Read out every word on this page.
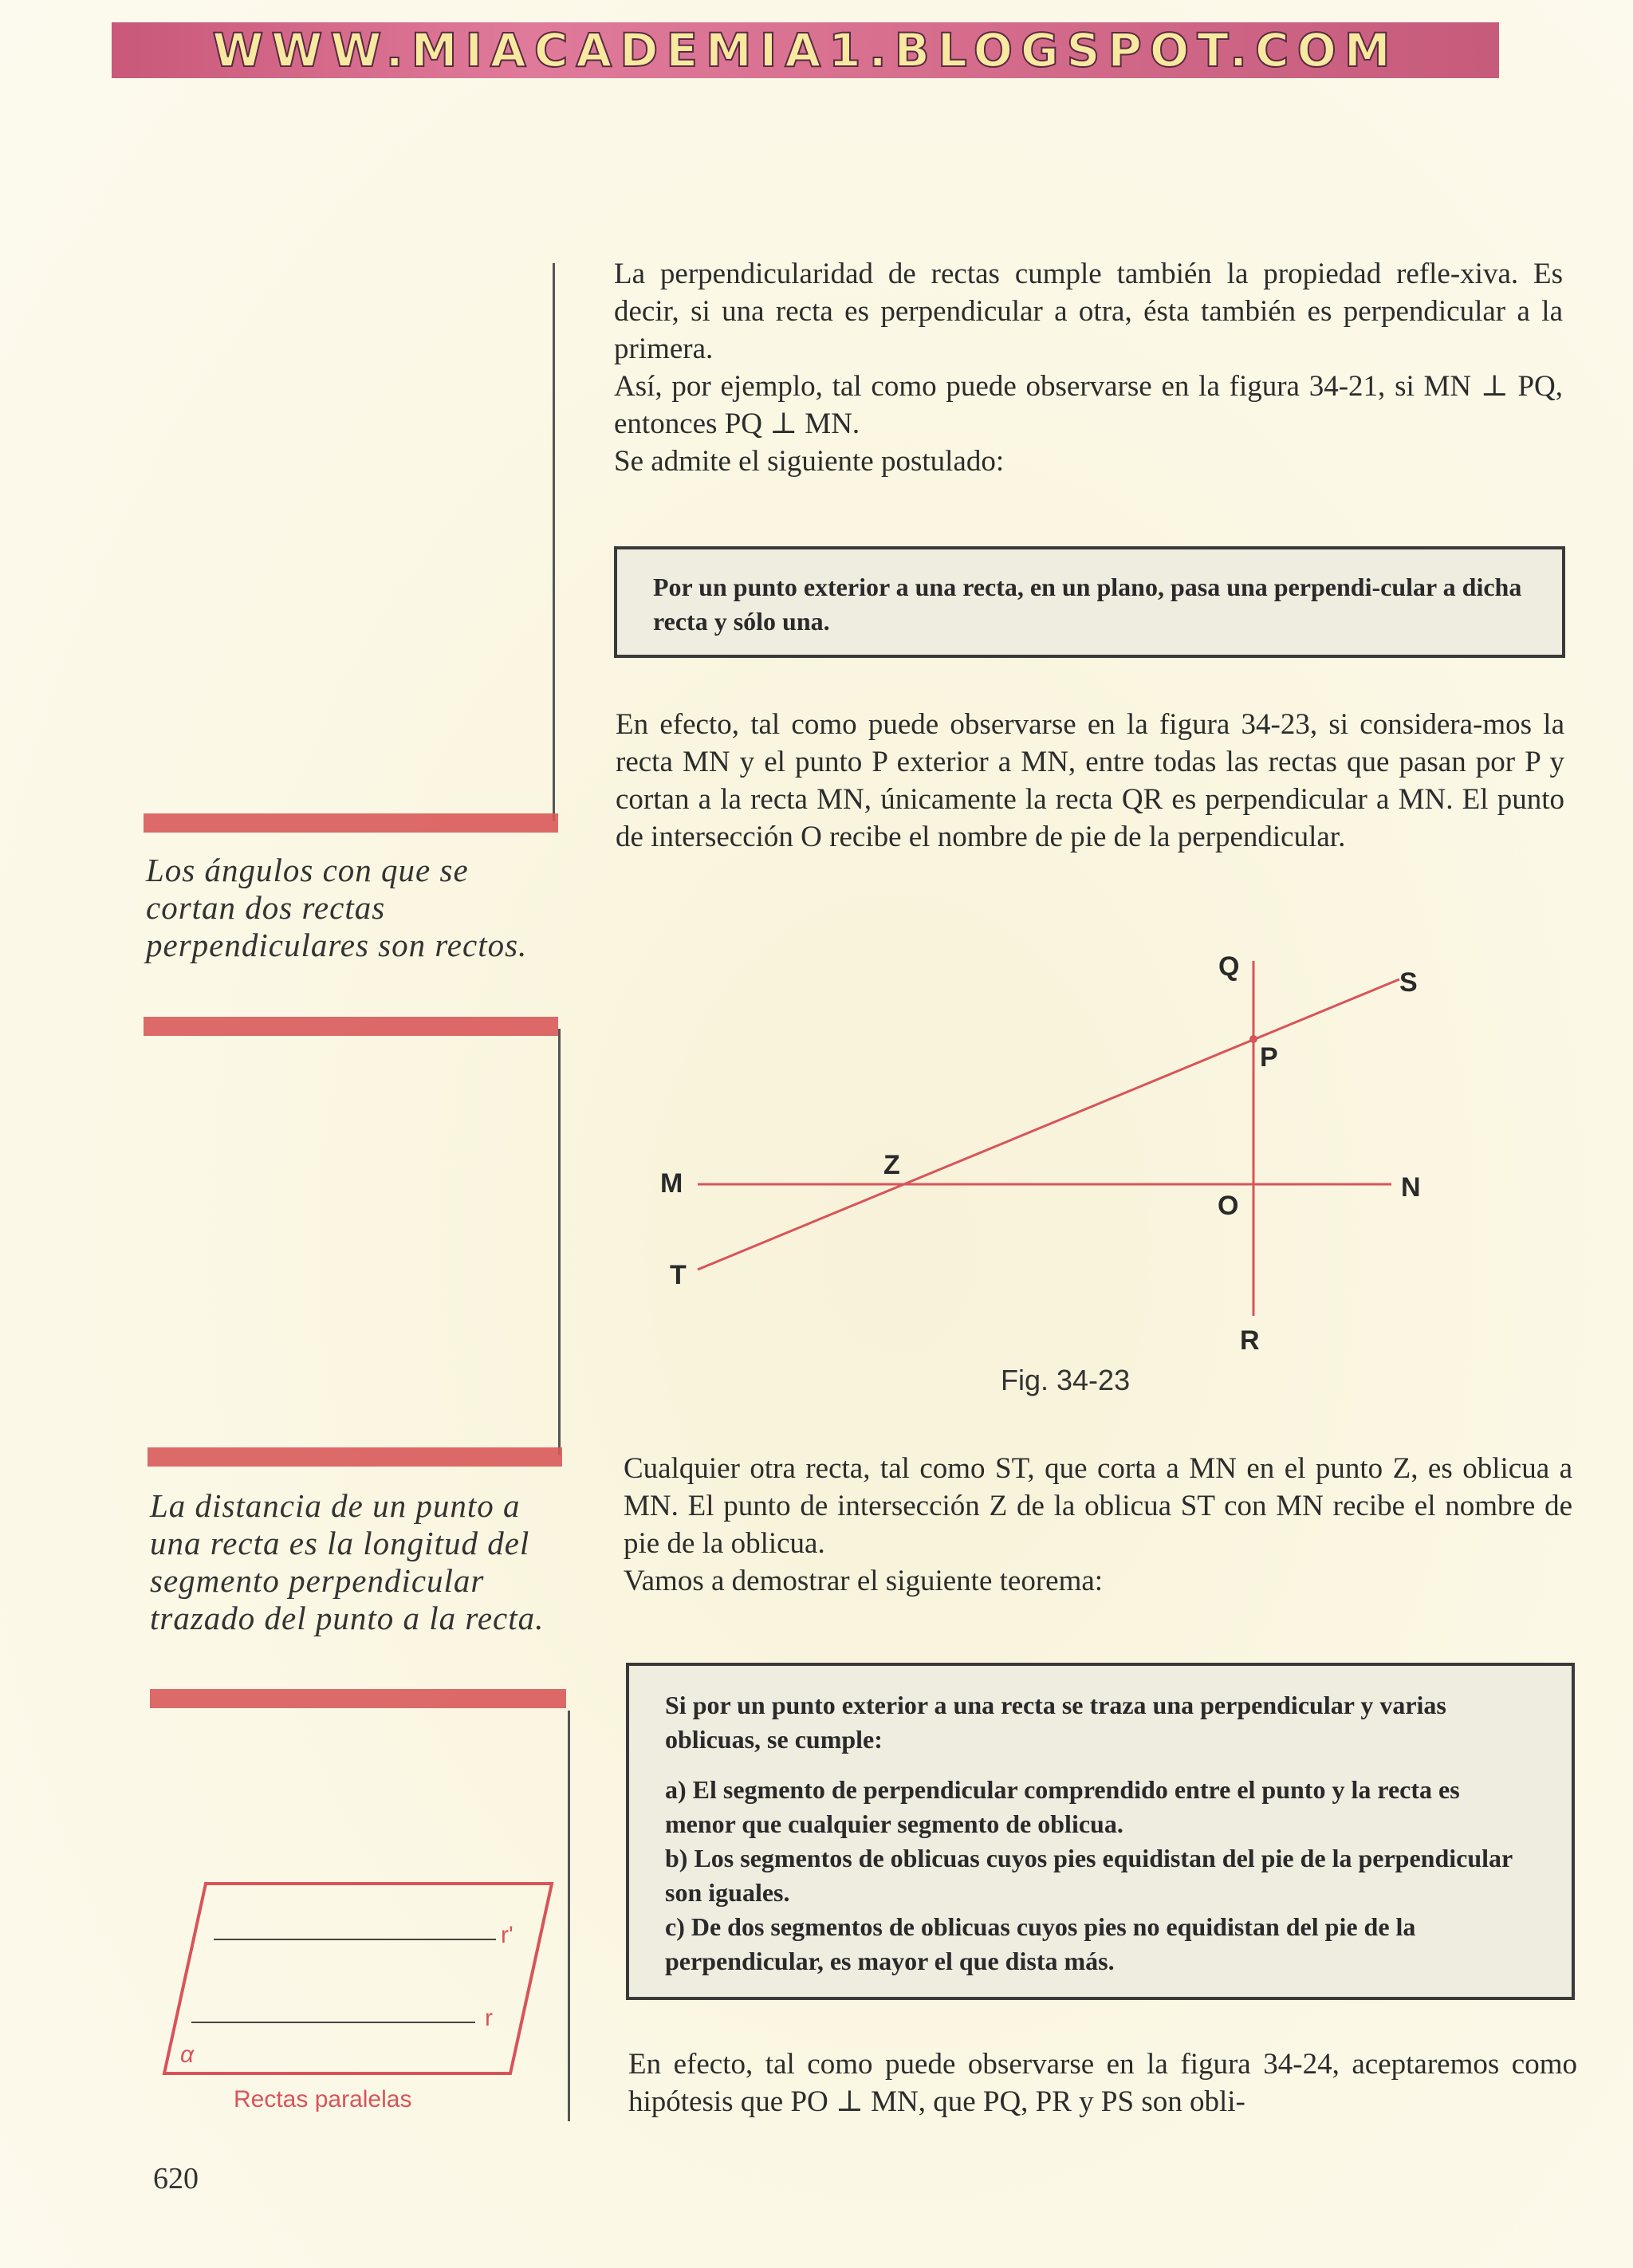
WWW.MIACADEMIA1.BLOGSPOT.COM
Los ángulos con que se cortan dos rectas perpendiculares son rectos.
La distancia de un punto a una recta es la longitud del segmento perpendicular trazado del punto a la recta.

La perpendicularidad de rectas cumple también la propiedad refle-xiva. Es decir, si una recta es perpendicular a otra, ésta también es perpendicular a la primera.

Así, por ejemplo, tal como puede observarse en la figura 34-21, si MN ⊥ PQ, entonces PQ ⊥ MN.

Se admite el siguiente postulado:

Por un punto exterior a una recta, en un plano, pasa una perpendi-cular a dicha recta y sólo una.

En efecto, tal como puede observarse en la figura 34-23, si considera-mos la recta MN y el punto P exterior a MN, entre todas las rectas que pasan por P y cortan a la recta MN, únicamente la recta QR es perpendicular a MN. El punto de intersección O recibe el nombre de pie de la perpendicular.

Q
S
P
M
Z
N
O
T
R
Fig. 34-23

Cualquier otra recta, tal como ST, que corta a MN en el punto Z, es oblicua a MN. El punto de intersección Z de la oblicua ST con MN recibe el nombre de pie de la oblicua.

Vamos a demostrar el siguiente teorema:

Si por un punto exterior a una recta se traza una perpendicular y varias oblicuas, se cumple:

a) El segmento de perpendicular comprendido entre el punto y la recta es menor que cualquier segmento de oblicua.

b) Los segmentos de oblicuas cuyos pies equidistan del pie de la perpendicular son iguales.

c) De dos segmentos de oblicuas cuyos pies no equidistan del pie de la perpendicular, es mayor el que dista más.

En efecto, tal como puede observarse en la figura 34-24, aceptaremos como hipótesis que PO ⊥ MN, que PQ, PR y PS son obli-

r'
r
α
Rectas paralelas
620
